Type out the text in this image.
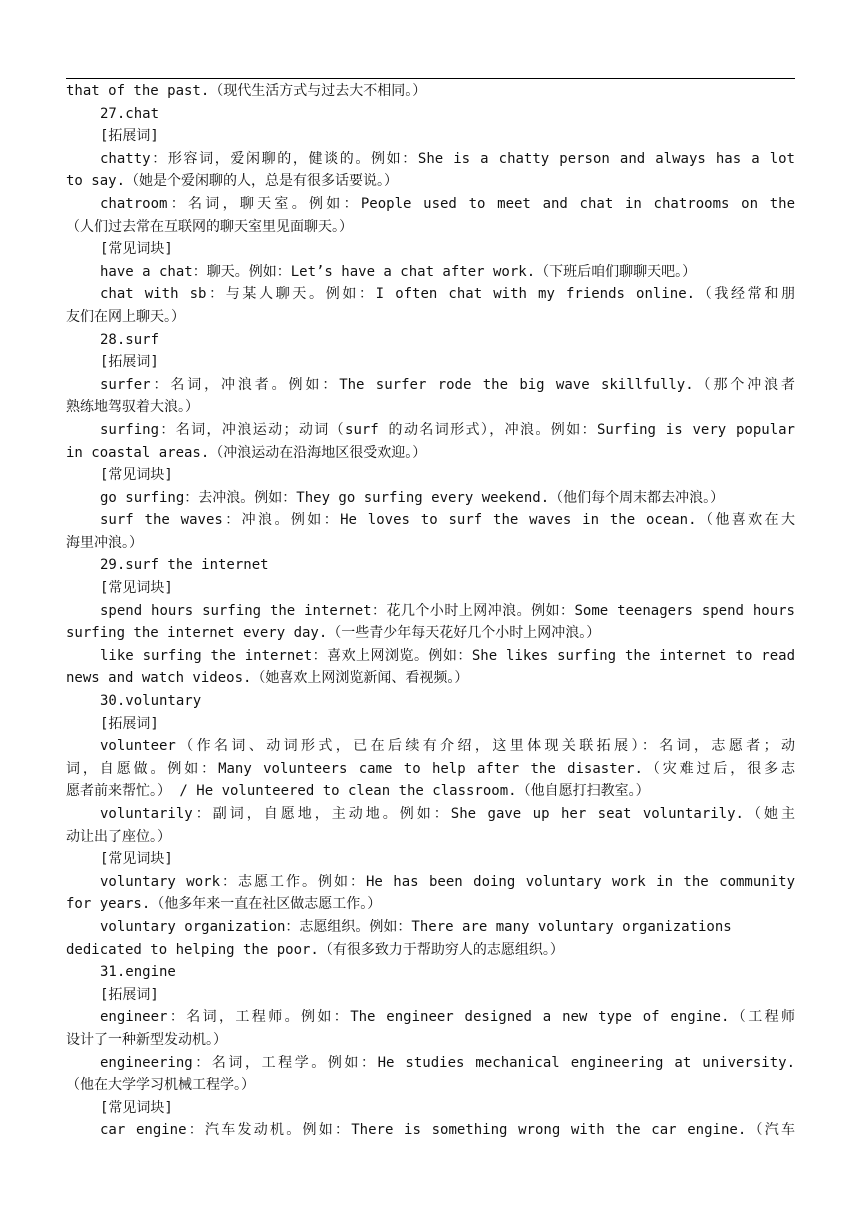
that of the past.（现代生活方式与过去大不相同。）
27.chat
[拓展词]
chatty：形容词，爱闲聊的，健谈的。例如：She is a chatty person and always has a lot
to say.（她是个爱闲聊的人，总是有很多话要说。）
chatroom：名词，聊天室。例如：People used to meet and chat in chatrooms on the
（人们过去常在互联网的聊天室里见面聊天。）
[常见词块]
have a chat：聊天。例如：Let’s have a chat after work.（下班后咱们聊聊天吧。）
chat with sb：与某人聊天。例如：I often chat with my friends online.（我经常和朋
友们在网上聊天。）
28.surf
[拓展词]
surfer：名词，冲浪者。例如：The surfer rode the big wave skillfully.（那个冲浪者
熟练地驾驭着大浪。）
surfing：名词，冲浪运动；动词（surf 的动名词形式），冲浪。例如：Surfing is very popular
in coastal areas.（冲浪运动在沿海地区很受欢迎。）
[常见词块]
go surfing：去冲浪。例如：They go surfing every weekend.（他们每个周末都去冲浪。）
surf the waves：冲浪。例如：He loves to surf the waves in the ocean.（他喜欢在大
海里冲浪。）
29.surf the internet
[常见词块]
spend hours surfing the internet：花几个小时上网冲浪。例如：Some teenagers spend hours
surfing the internet every day.（一些青少年每天花好几个小时上网冲浪。）
like surfing the internet：喜欢上网浏览。例如：She likes surfing the internet to read
news and watch videos.（她喜欢上网浏览新闻、看视频。）
30.voluntary
[拓展词]
volunteer（作名词、动词形式，已在后续有介绍，这里体现关联拓展）：名词，志愿者；动
词，自愿做。例如：Many volunteers came to help after the disaster.（灾难过后，很多志
愿者前来帮忙。） / He volunteered to clean the classroom.（他自愿打扫教室。）
voluntarily：副词，自愿地，主动地。例如：She gave up her seat voluntarily.（她主
动让出了座位。）
[常见词块]
voluntary work：志愿工作。例如：He has been doing voluntary work in the community
for years.（他多年来一直在社区做志愿工作。）
voluntary organization：志愿组织。例如：There are many voluntary organizations
dedicated to helping the poor.（有很多致力于帮助穷人的志愿组织。）
31.engine
[拓展词]
engineer：名词，工程师。例如：The engineer designed a new type of engine.（工程师
设计了一种新型发动机。）
engineering：名词，工程学。例如：He studies mechanical engineering at university.
（他在大学学习机械工程学。）
[常见词块]
car engine：汽车发动机。例如：There is something wrong with the car engine.（汽车
